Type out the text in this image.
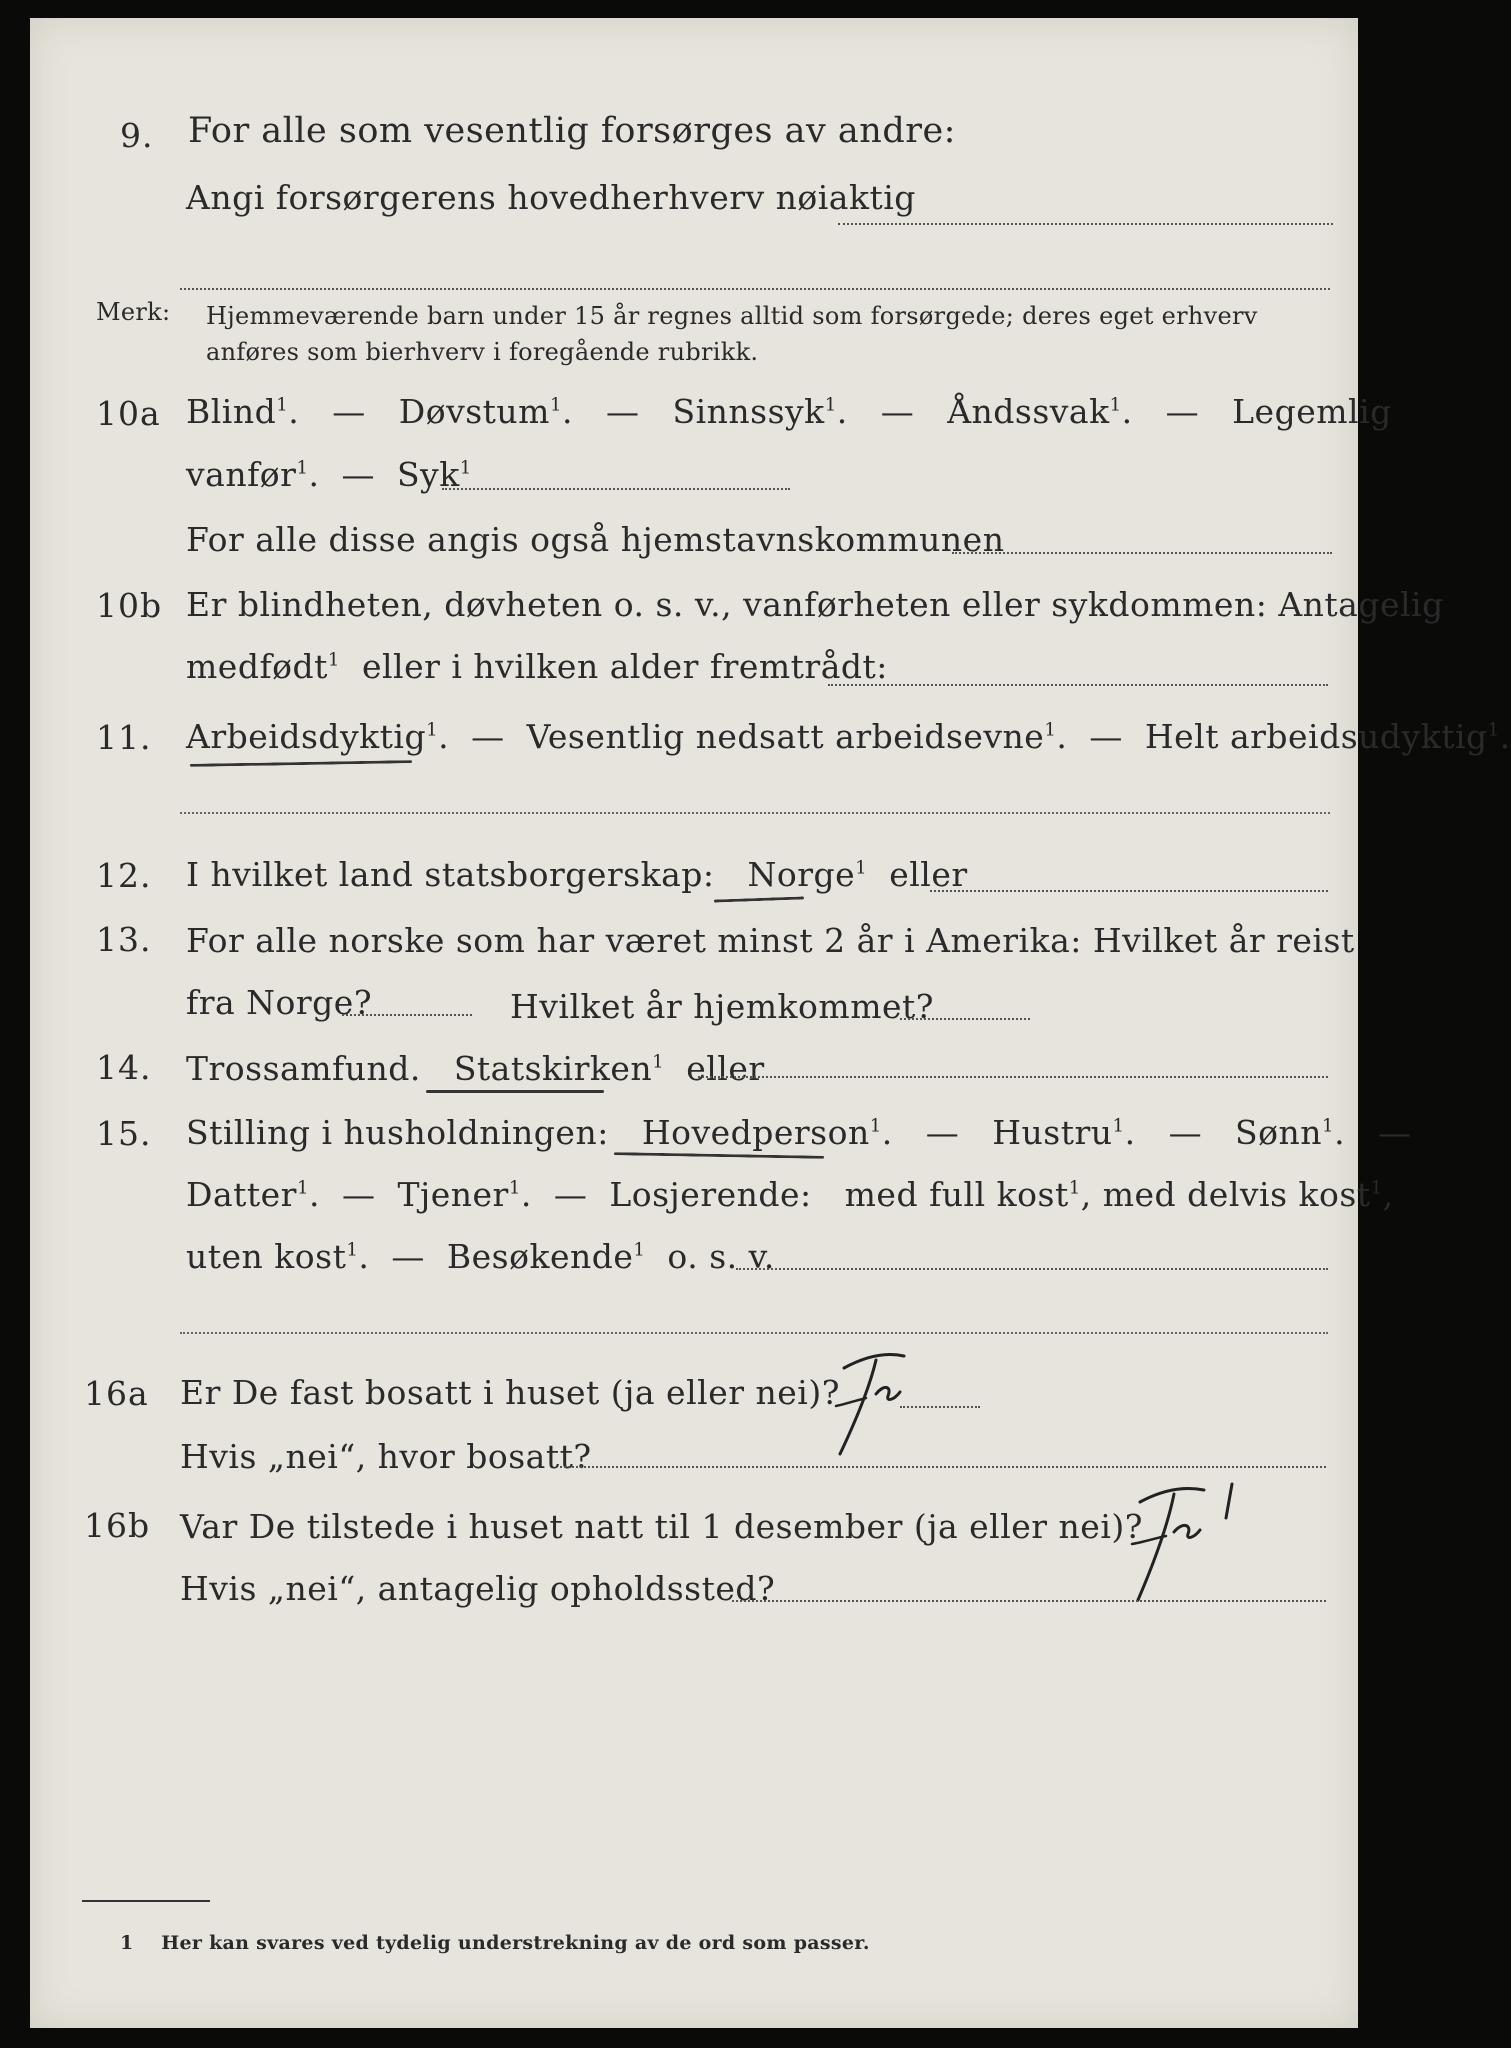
9. For alle som vesentlig forsørges av andre:
Angi forsørgerens hovedherhverv nøiaktig
Merk: Hjemmeværende barn under 15 år regnes alltid som forsørgede; deres eget erhverv
anføres som bierhverv i foregående rubrikk.
10a Blind$^1$. — Døvstum$^1$. — Sinnssyk$^1$. — Åndssvak$^1$. — Legemlig
vanfør$^1$. — Syk$^1$
For alle disse angis også hjemstavnskommunen
10b Er blindheten, døvheten o. s. v., vanførheten eller sykdommen: Antagelig
medfødt$^1$ eller i hvilken alder fremtrådt:
11. Arbeidsdyktig$^1$. — Vesentlig nedsatt arbeidsevne$^1$. — Helt arbeidsudyktig$^1$.
12. I hvilket land statsborgerskap: Norge$^1$ eller
13. For alle norske som har været minst 2 år i Amerika: Hvilket år reist
fra Norge?	Hvilket år hjemkommet?
14. Trossamfund. Statskirken$^1$ eller
15. Stilling i husholdningen: Hovedperson$^1$. — Hustru$^1$. — Sønn$^1$. —
Datter$^1$. — Tjener$^1$. — Losjerende: med full kost$^1$, med delvis kost$^1$,
uten kost$^1$. — Besøkende$^1$ o. s. v.
16a Er De fast bosatt i huset (ja eller nei)?
Hvis „nei“, hvor bosatt?
16b Var De tilstede i huset natt til 1 desember (ja eller nei)?
Hvis „nei“, antagelig opholdssted?
1 Her kan svares ved tydelig understrekning av de ord som passer.
